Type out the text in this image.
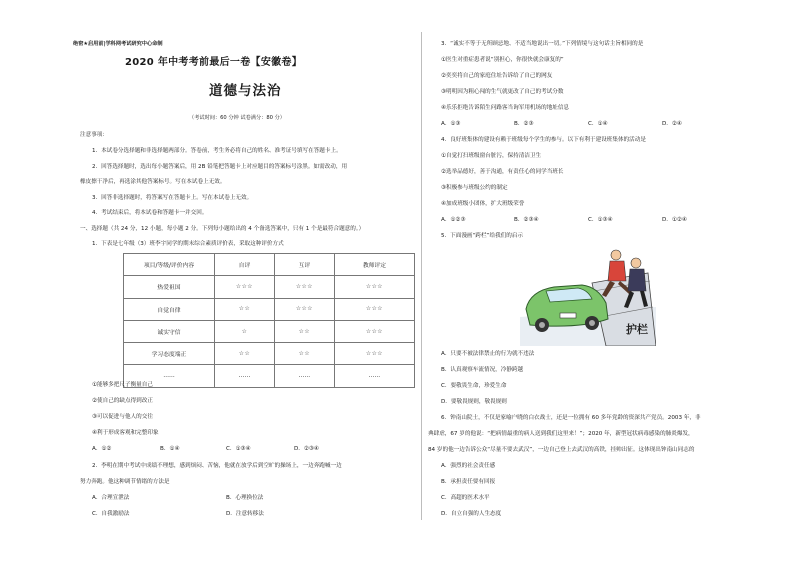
绝密★启用前|学科网考试研究中心命制
2020 年中考考前最后一卷【安徽卷】
道德与法治
（考试时间：60 分钟 试卷满分：80 分）
注意事项：
1．本试卷分选择题和非选择题两部分。答卷前，考生务必将自己的姓名、准考证号填写在答题卡上。
2．回答选择题时，选出每小题答案后，用 2B 铅笔把答题卡上对应题目的答案标号涂黑。如需改动，用
橡皮擦干净后，再选涂其他答案标号。写在本试卷上无效。
3．回答非选择题时，将答案写在答题卡上。写在本试卷上无效。
4．考试结束后，将本试卷和答题卡一并交回。
一、选择题（共 24 分，12 小题，每小题 2 分。下列每小题给出的 4 个备选答案中，只有 1 个是最符合题意的。）
1．下表是七年级（3）班李宇同学的期末综合素质评价表，采取这种评价方式
项目/等级/评价内容	自评	互评	教师评定
热爱祖国	☆☆☆	☆☆☆	☆☆☆
自觉自律	☆☆	☆☆☆	☆☆☆
诚实守信	☆	☆☆	☆☆☆
学习态度端正	☆☆	☆☆	☆☆☆
……	……	……	……
①能够多把尺子衡量自己
②使自己的缺点得到改正
③可以促进与他人的交往
④利于形成客观和完整印象
A．①②	B．①④	C．①③④	D．②③④
2．李明在期中考试中成绩不理想，感到烦闷、苦恼，他就在放学后到空旷的操场上，一边奔跑喊一边
努力奔跑。他这种调节情绪的方法是
A．合理宣泄法	B．心理换位法
C．自我激励法	D．注意转移法
3．“诚实不等于无所顾忌地、不适当地说出一切。”下列情境与这句话主旨相同的是
①医生对重症患者说“别担心，你很快就会康复的”
②奕奕将自己的家庭住址告诉给了自己的网友
③明明因为粗心闯的生气就更改了自己的考试分数
④乐乐拒绝告诉陌生问路客当询军用机场的地址信息
A．①③	B．②③	C．①④	D．②④
4．良好班集体的建设有赖于班级每个学生的参与。以下有利于建设班集体的活动是
①自觉打扫班级窗台脏污，保持清洁卫生
②选举品德好，善于沟通，有责任心的同学当班长
③积极参与班级公约的制定
④加成班级小团体，扩大班级荣誉
A．①②③	B．②③④	C．①③④	D．①②④
5．下面漫画“跨栏”给我们的启示
护栏
A．只要不被法律禁止的行为就不违法
B．认真观察车流情况，冷静跨越
C．要敬畏生命，珍爱生命
D．要敬畏规则，敬畏规则
6．钟南山院士，不仅是家喻户晓的白衣战士，还是一位拥有 60 多年党龄的资深共产党员。2003 年，非
典肆虐，67 岁的他说：“把病情最重的病人送到我们这里来！”；2020 年，新型冠状病毒感染的肺炎爆发，
84 岁的他一边告诉公众“尽量不要去武汉”，一边自己登上去武汉的高铁，挂帅出征。这体现出钟南山同志的
A．强烈的社会责任感
B．承担责任要有回报
C．高超的医术水平
D．自立自强的人生态度
